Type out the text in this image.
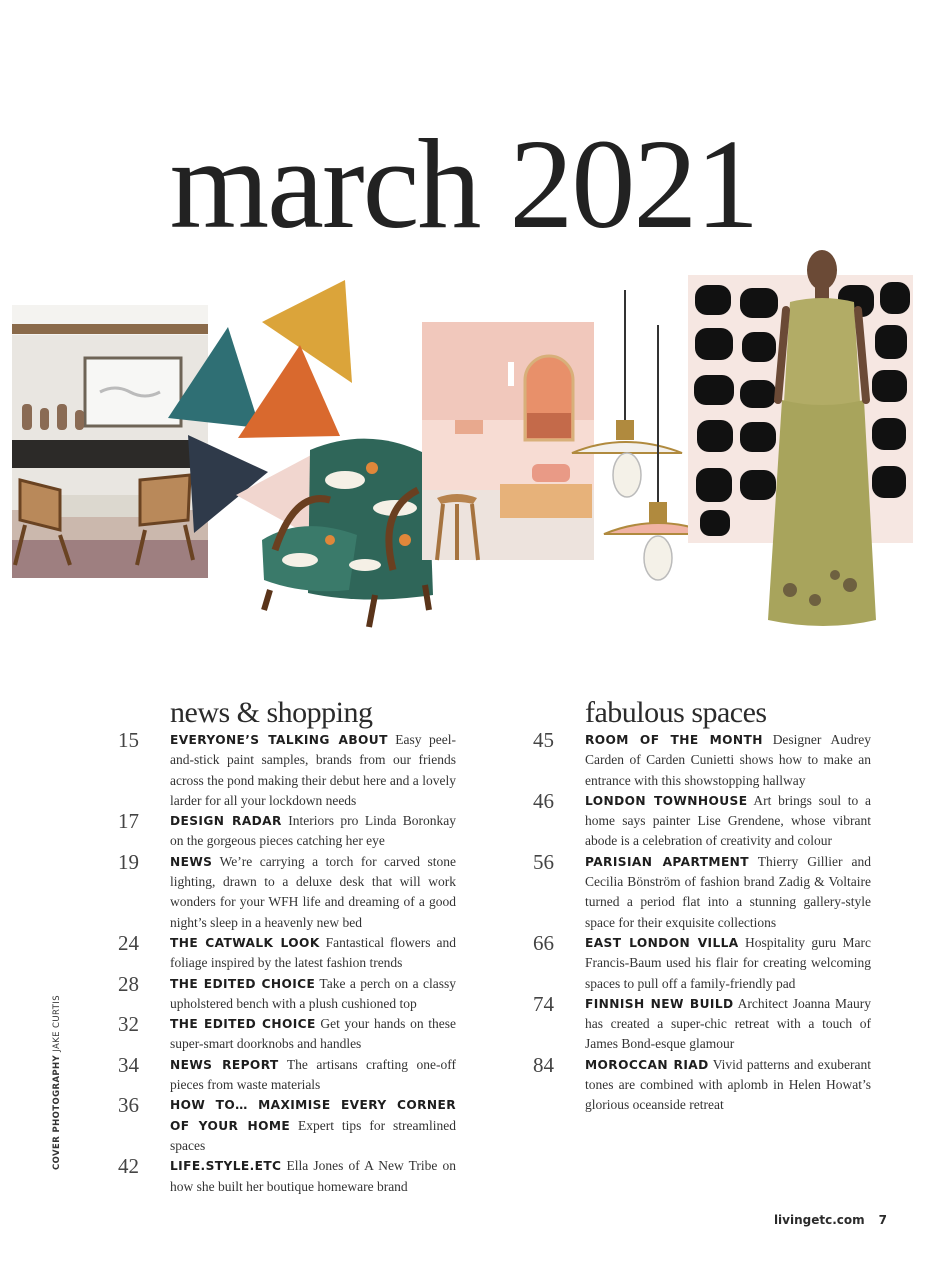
march 2021
news & shopping	fabulous spaces
15	EVERYONE’S TALKING ABOUT Easy peel-and-stick paint samples, brands from our friends across the pond making their debut here and a lovely larder for all your lockdown needs

17	DESIGN RADAR Interiors pro Linda Boronkay on the gorgeous pieces catching her eye

19	NEWS We’re carrying a torch for carved stone lighting, drawn to a deluxe desk that will work wonders for your WFH life and dreaming of a good night’s sleep in a heavenly new bed

24	THE CATWALK LOOK Fantastical flowers and foliage inspired by the latest fashion trends

28	THE EDITED CHOICE Take a perch on a classy upholstered bench with a plush cushioned top

32	THE EDITED CHOICE Get your hands on these super-smart doorknobs and handles

34	NEWS REPORT The artisans crafting one-off pieces from waste materials

36	HOW TO… MAXIMISE EVERY CORNER OF YOUR HOME Expert tips for streamlined spaces

42	LIFE.STYLE.ETC Ella Jones of A New Tribe on how she built her boutique homeware brand

45	ROOM OF THE MONTH Designer Audrey Carden of Carden Cunietti shows how to make an entrance with this showstopping hallway

46	LONDON TOWNHOUSE Art brings soul to a home says painter Lise Grendene, whose vibrant abode is a celebration of creativity and colour

56	PARISIAN APARTMENT Thierry Gillier and Cecilia Bönström of fashion brand Zadig & Voltaire turned a period flat into a stunning gallery-style space for their exquisite collections

66	EAST LONDON VILLA Hospitality guru Marc Francis-Baum used his flair for creating welcoming spaces to pull off a family-friendly pad

74	FINNISH NEW BUILD Architect Joanna Maury has created a super-chic retreat with a touch of James Bond-esque glamour

84	MOROCCAN RIAD Vivid patterns and exuberant tones are combined with aplomb in Helen Howat’s glorious oceanside retreat

COVER PHOTOGRAPHY JAKE CURTIS
livingetc.com 7
